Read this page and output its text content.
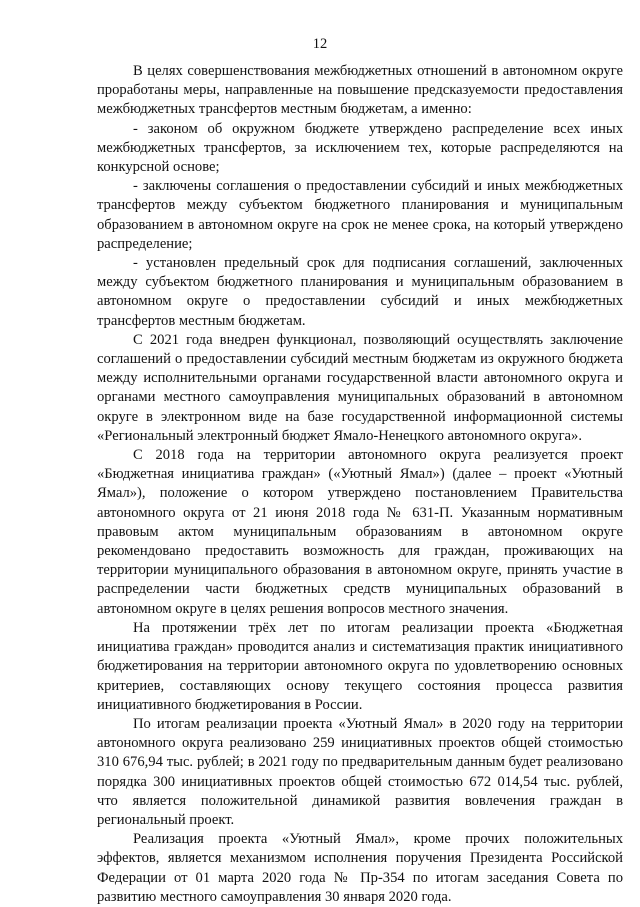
12

В целях совершенствования межбюджетных отношений в автономном округе проработаны меры, направленные на повышение предсказуемости предоставления межбюджетных трансфертов местным бюджетам, а именно:

- законом об окружном бюджете утверждено распределение всех иных межбюджетных трансфертов, за исключением тех, которые распределяются на конкурсной основе;

- заключены соглашения о предоставлении субсидий и иных межбюджетных трансфертов между субъектом бюджетного планирования и муниципальным образованием в автономном округе на срок не менее срока, на который утверждено распределение;

- установлен предельный срок для подписания соглашений, заключенных между субъектом бюджетного планирования и муниципальным образованием в автономном округе о предоставлении субсидий и иных межбюджетных трансфертов местным бюджетам.

С 2021 года внедрен функционал, позволяющий осуществлять заключение соглашений о предоставлении субсидий местным бюджетам из окружного бюджета между исполнительными органами государственной власти автономного округа и органами местного самоуправления муниципальных образований в автономном округе в электронном виде на базе государственной информационной системы «Региональный электронный бюджет Ямало-Ненецкого автономного округа».

С 2018 года на территории автономного округа реализуется проект «Бюджетная инициатива граждан» («Уютный Ямал») (далее – проект «Уютный Ямал»), положение о котором утверждено постановлением Правительства автономного округа от 21 июня 2018 года № 631-П. Указанным нормативным правовым актом муниципальным образованиям в автономном округе рекомендовано предоставить возможность для граждан, проживающих на территории муниципального образования в автономном округе, принять участие в распределении части бюджетных средств муниципальных образований в автономном округе в целях решения вопросов местного значения.

На протяжении трёх лет по итогам реализации проекта «Бюджетная инициатива граждан» проводится анализ и систематизация практик инициативного бюджетирования на территории автономного округа по удовлетворению основных критериев, составляющих основу текущего состояния процесса развития инициативного бюджетирования в России.

По итогам реализации проекта «Уютный Ямал» в 2020 году на территории автономного округа реализовано 259 инициативных проектов общей стоимостью 310 676,94 тыс. рублей; в 2021 году по предварительным данным будет реализовано порядка 300 инициативных проектов общей стоимостью 672 014,54 тыс. рублей, что является положительной динамикой развития вовлечения граждан в региональный проект.

Реализация проекта «Уютный Ямал», кроме прочих положительных эффектов, является механизмом исполнения поручения Президента Российской Федерации от 01 марта 2020 года № Пр-354 по итогам заседания Совета по развитию местного самоуправления 30 января 2020 года.
